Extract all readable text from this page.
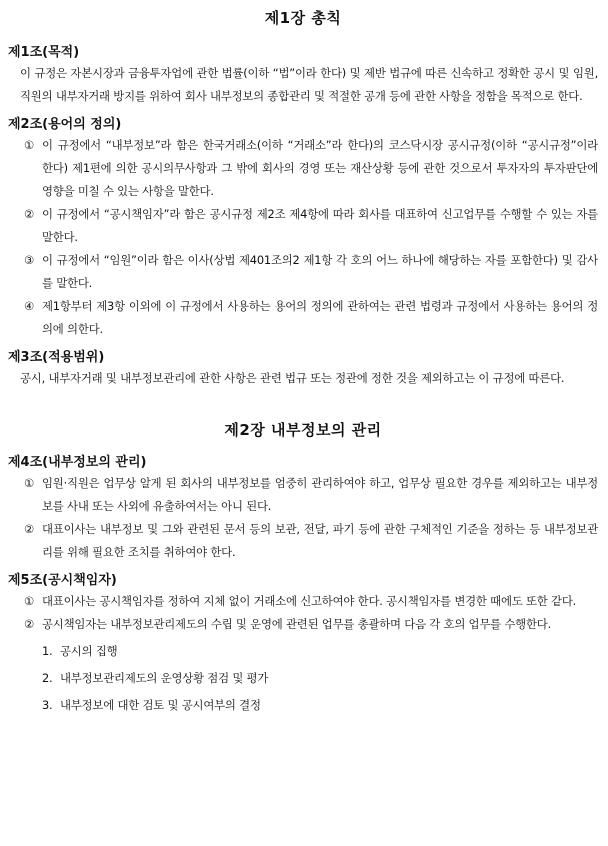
제1장 총칙
제1조(목적)
이 규정은 자본시장과 금융투자업에 관한 법률(이하 “법”이라 한다) 및 제반 법규에 따른 신속하고 정확한 공시 및 임원, 직원의 내부자거래 방지를 위하여 회사 내부정보의 종합관리 및 적절한 공개 등에 관한 사항을 정함을 목적으로 한다.
제2조(용어의 정의)
① 이 규정에서 “내부정보”라 함은 한국거래소(이하 “거래소”라 한다)의 코스닥시장 공시규정(이하 “공시규정”이라 한다) 제1편에 의한 공시의무사항과 그 밖에 회사의 경영 또는 재산상황 등에 관한 것으로서 투자자의 투자판단에 영향을 미칠 수 있는 사항을 말한다.
② 이 규정에서 “공시책임자”라 함은 공시규정 제2조 제4항에 따라 회사를 대표하여 신고업무를 수행할 수 있는 자를 말한다.
③ 이 규정에서 “임원”이라 함은 이사(상법 제401조의2 제1항 각 호의 어느 하나에 해당하는 자를 포함한다) 및 감사를 말한다.
④ 제1항부터 제3항 이외에 이 규정에서 사용하는 용어의 정의에 관하여는 관련 법령과 규정에서 사용하는 용어의 정의에 의한다.
제3조(적용범위)
공시, 내부자거래 및 내부정보관리에 관한 사항은 관련 법규 또는 정관에 정한 것을 제외하고는 이 규정에 따른다.
제2장 내부정보의 관리
제4조(내부정보의 관리)
① 임원·직원은 업무상 알게 된 회사의 내부정보를 엄중히 관리하여야 하고, 업무상 필요한 경우를 제외하고는 내부정보를 사내 또는 사외에 유출하여서는 아니 된다.
② 대표이사는 내부정보 및 그와 관련된 문서 등의 보관, 전달, 파기 등에 관한 구체적인 기준을 정하는 등 내부정보관리를 위해 필요한 조치를 취하여야 한다.
제5조(공시책임자)
① 대표이사는 공시책임자를 정하여 지체 없이 거래소에 신고하여야 한다. 공시책임자를 변경한 때에도 또한 같다.
② 공시책임자는 내부정보관리제도의 수립 및 운영에 관련된 업무를 총괄하며 다음 각 호의 업무를 수행한다.
1. 공시의 집행
2. 내부정보관리제도의 운영상황 점검 및 평가
3. 내부정보에 대한 검토 및 공시여부의 결정
